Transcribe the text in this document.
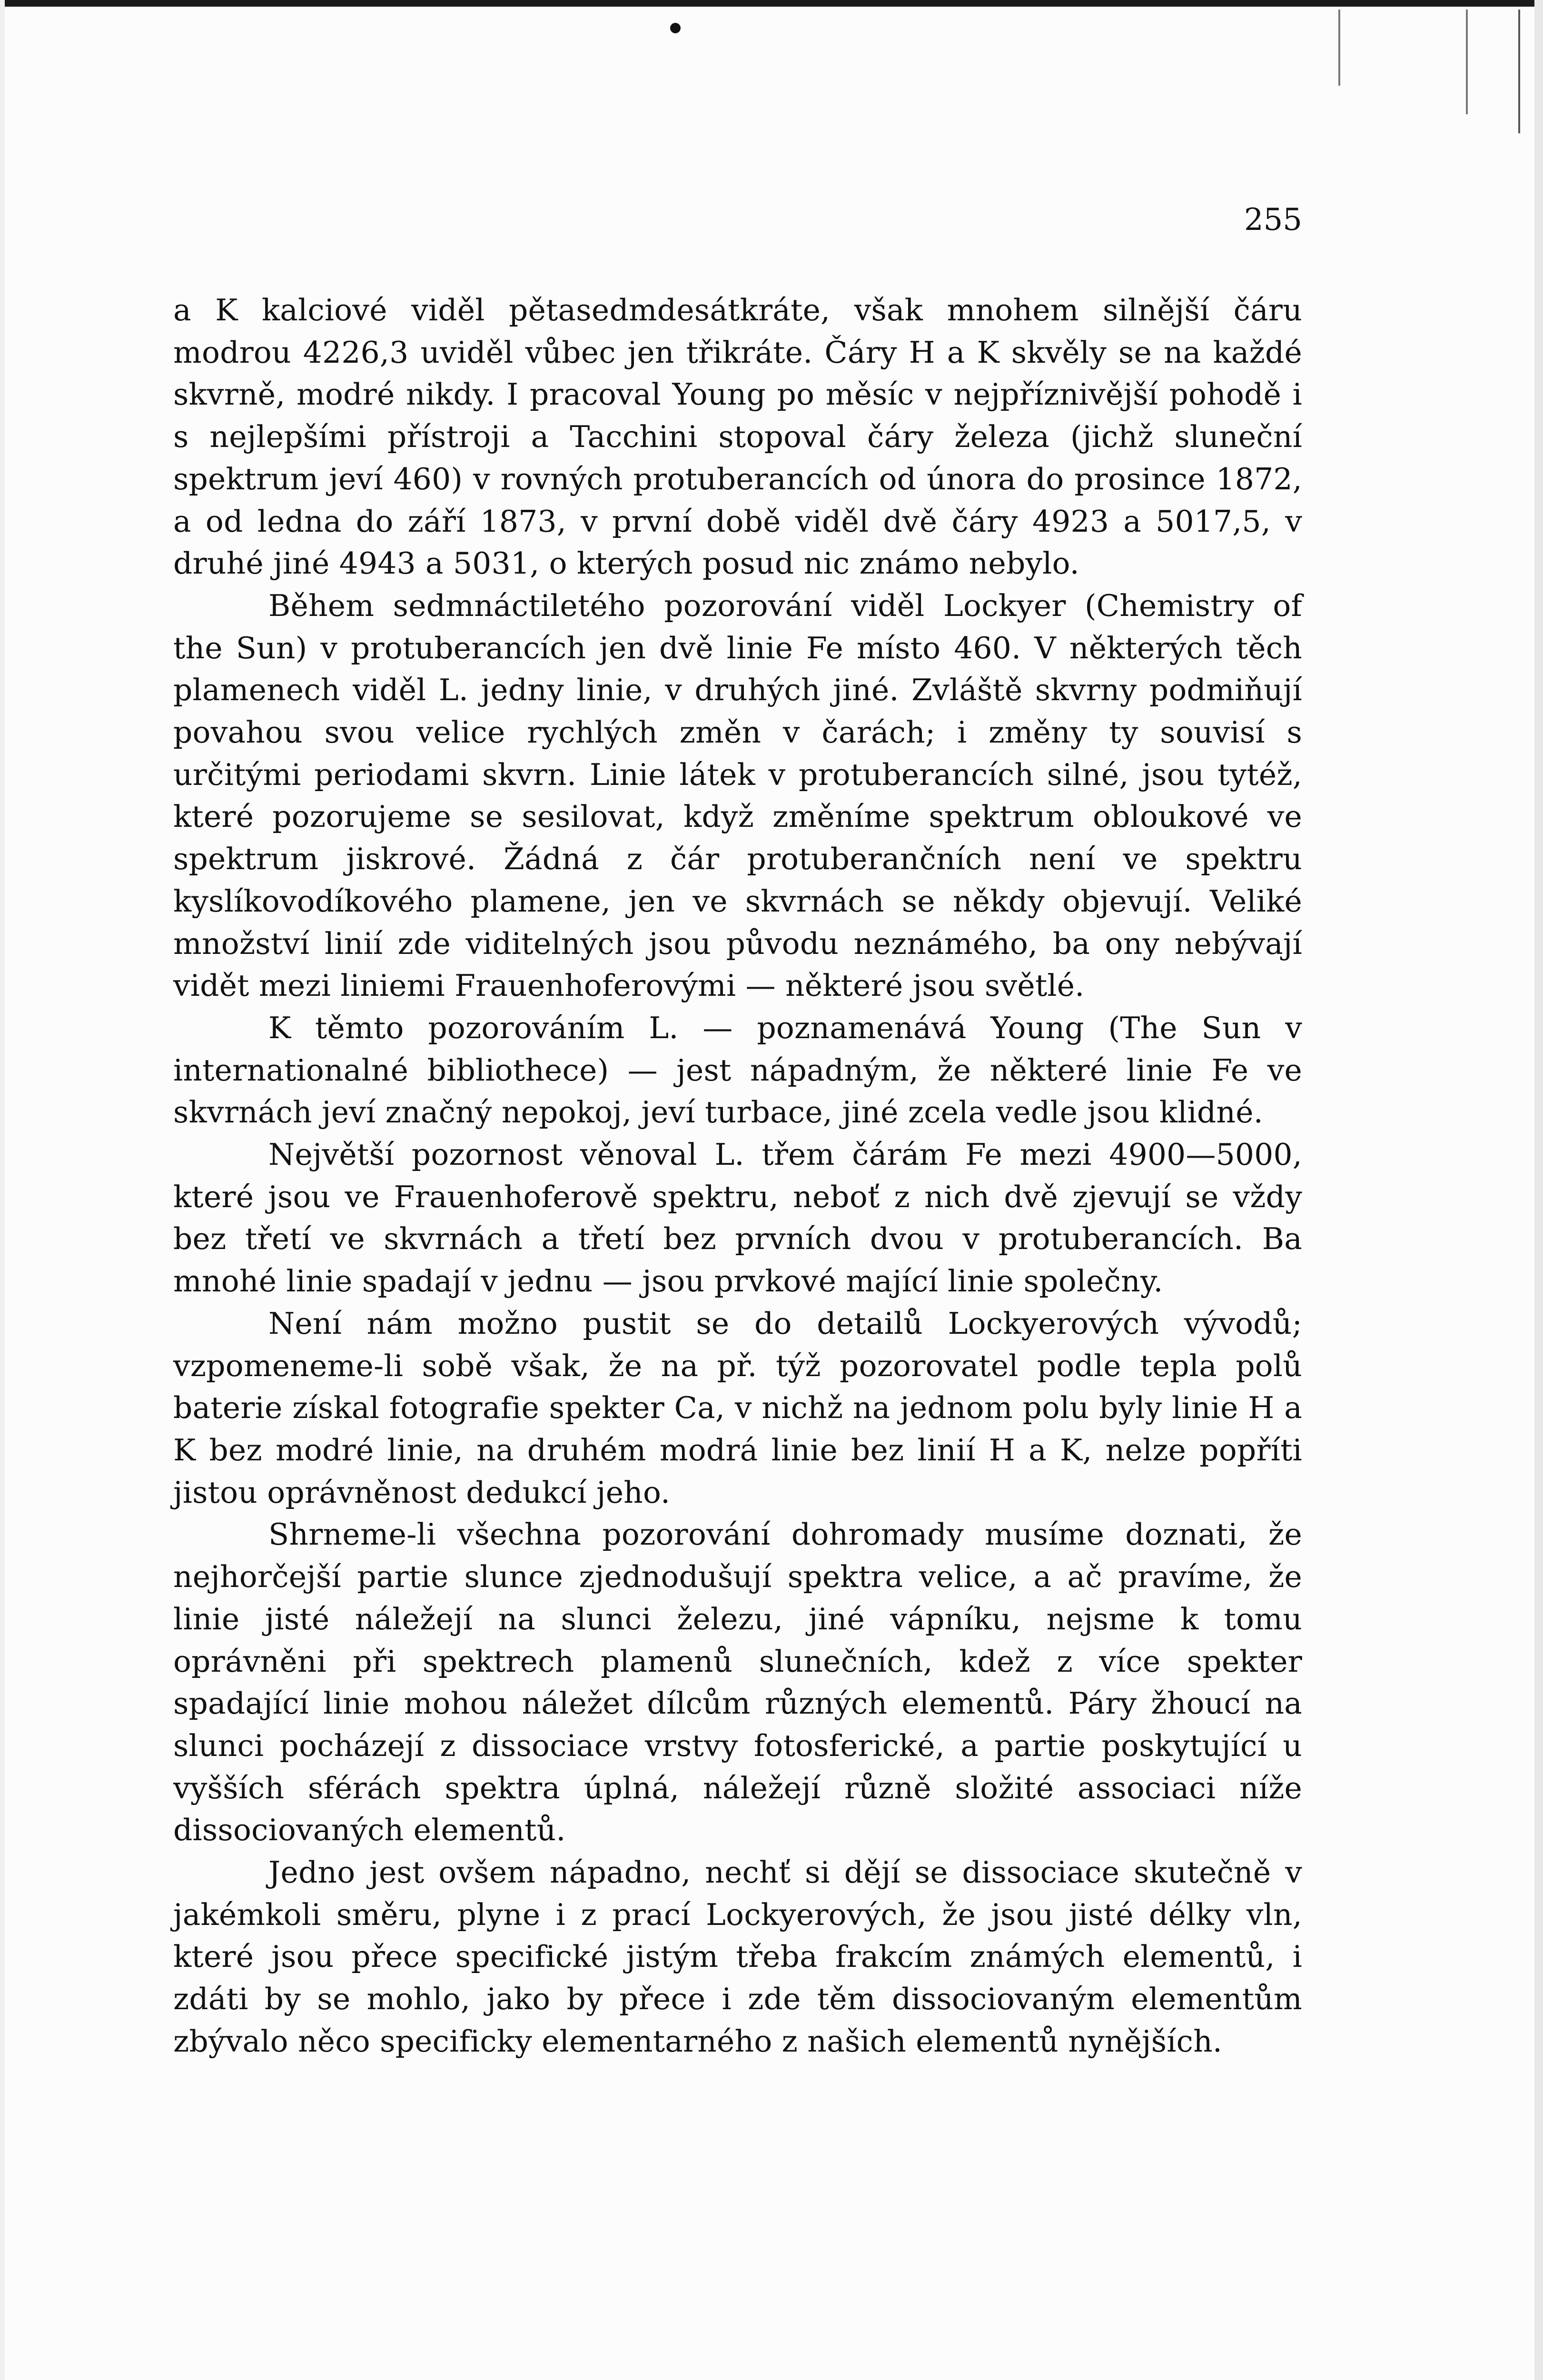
255

a K kalciové viděl pětasedmdesátkráte, však mnohem silnější čáru modrou 4226,3 uviděl vůbec jen třikráte. Čáry H a K skvěly se na každé skvrně, modré nikdy. I pracoval Young po měsíc v nejpříznivější pohodě i s nejlepšími přístroji a Tacchini stopoval čáry železa (jichž sluneční spektrum jeví 460) v rovných protuberancích od února do prosince 1872, a od ledna do září 1873, v první době viděl dvě čáry 4923 a 5017,5, v druhé jiné 4943 a 5031, o kterých posud nic známo nebylo.

Během sedmnáctiletého pozorování viděl Lockyer (Chemistry of the Sun) v protuberancích jen dvě linie Fe místo 460. V některých těch plamenech viděl L. jedny linie, v druhých jiné. Zvláště skvrny podmiňují povahou svou velice rychlých změn v čarách; i změny ty souvisí s určitými periodami skvrn. Linie látek v protuberancích silné, jsou tytéž, které pozorujeme se sesilovat, když změníme spektrum obloukové ve spektrum jiskrové. Žádná z čár protuberančních není ve spektru kyslíkovodíkového plamene, jen ve skvrnách se někdy objevují. Veliké množství linií zde viditelných jsou původu neznámého, ba ony nebývají vidět mezi liniemi Frauenhoferovými — některé jsou světlé.

K těmto pozorováním L. — poznamenává Young (The Sun v internationalné bibliothece) — jest nápadným, že některé linie Fe ve skvrnách jeví značný nepokoj, jeví turbace, jiné zcela vedle jsou klidné.

Největší pozornost věnoval L. třem čárám Fe mezi 4900—5000, které jsou ve Frauenhoferově spektru, neboť z nich dvě zjevují se vždy bez třetí ve skvrnách a třetí bez prvních dvou v protuberancích. Ba mnohé linie spadají v jednu — jsou prvkové mající linie společny.

Není nám možno pustit se do detailů Lockyerových vývodů; vzpomeneme-li sobě však, že na př. týž pozorovatel podle tepla polů baterie získal fotografie spekter Ca, v nichž na jednom polu byly linie H a K bez modré linie, na druhém modrá linie bez linií H a K, nelze popříti jistou oprávněnost dedukcí jeho.

Shrneme-li všechna pozorování dohromady musíme doznati, že nejhorčejší partie slunce zjednodušují spektra velice, a ač pravíme, že linie jisté náležejí na slunci železu, jiné vápníku, nejsme k tomu oprávněni při spektrech plamenů slunečních, kdež z více spekter spadající linie mohou náležet dílcům různých elementů. Páry žhoucí na slunci pocházejí z dissociace vrstvy fotosferické, a partie poskytující u vyšších sférách spektra úplná, náležejí různě složité associaci níže dissociovaných elementů.

Jedno jest ovšem nápadno, nechť si dějí se dissociace skutečně v jakémkoli směru, plyne i z prací Lockyerových, že jsou jisté délky vln, které jsou přece specifické jistým třeba frakcím známých elementů, i zdáti by se mohlo, jako by přece i zde těm dissociovaným elementům zbývalo něco specificky elementarného z našich elementů nynějších.
